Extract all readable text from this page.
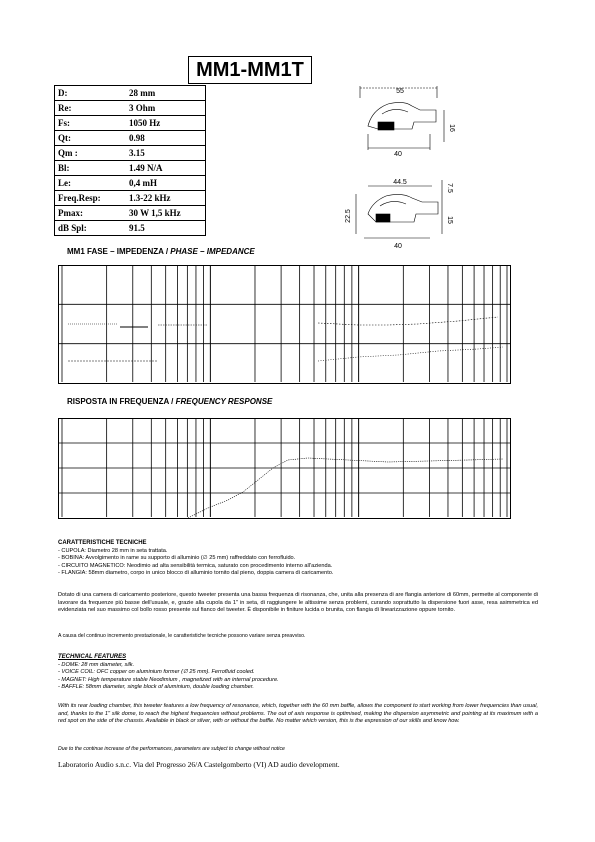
MM1-MM1T
D:	28 mm
Re:	3 Ohm
Fs:	1050 Hz
Qt:	0.98
Qm :	3.15
Bl:	1.49 N/A
Le:	0,4 mH
Freq.Resp:	1.3-22 kHz
Pmax:	30 W 1,5 kHz
dB Spl:	91.5
55
16
40
44.5
22.5
7.5
15
40
MM1 FASE – IMPEDENZA / PHASE – IMPEDANCE
RISPOSTA IN FREQUENZA / FREQUENCY RESPONSE

CARATTERISTICHE TECNICHE

- CUPOLA: Diametro 28 mm in seta trattata.

- BOBINA: Avvolgimento in rame su supporto di alluminio (∅ 25 mm) raffreddato con ferrofluido.

- CIRCUITO MAGNETICO: Neodimio ad alta sensibilità termica, saturato con procedimento interno all'azienda.

- FLANGIA: 58mm diametro, corpo in unico blocco di alluminio tornito dal pieno, doppia camera di caricamento.

Dotato di una camera di caricamento posteriore, questo tweeter presenta una bassa frequenza di risonanza, che, unita alla presenza di are flangia anteriore di 60mm, permette al componente di lavorare da frequenze più basse dell'usuale, e, grazie alla cupola da 1" in seta, di raggiungere le altissime senza problemi, curando soprattutto la dispersione fuori asse, resa asimmetrica ed evidenziata nel suo massimo col bollo rosso presente sul fianco del tweeter. È disponibile in finiture lucida o brunita, con flangia di linearizzazione oppure tornito.
A causa del continuo incremento prestazionale, le caratteristiche tecniche possono variare senza preavviso.

TECHNICAL FEATURES

- DOME: 28 mm diameter, silk.

- VOICE COIL: OFC copper on aluminium former (∅ 25 mm). Ferrofluid cooled.

- MAGNET: High temperature stable Neodimium , magnetized with an internal procedure.

- BAFFLE: 58mm diameter, single block of aluminium, double loading chamber.

With its rear loading chamber, this tweeter features a low frequency of resonance, which, together with the 60 mm baffle, allows the component to start working from lower frequencies than usual, and, thanks to the 1" silk dome, to reach the highest frequencies without problems. The out of axis response is optimised, making the dispersion asymmetric and pointing at its maximum with a red spot on the side of the chassis. Available in black or silver, with or without the baffle. No matter which version, this is the expression of our skills and know how.
Due to the continue increase of the performances, parameters are subject to change without notice
Laboratorio Audio s.n.c. Via del Progresso 26/A Castelgomberto (VI) AD audio development.
